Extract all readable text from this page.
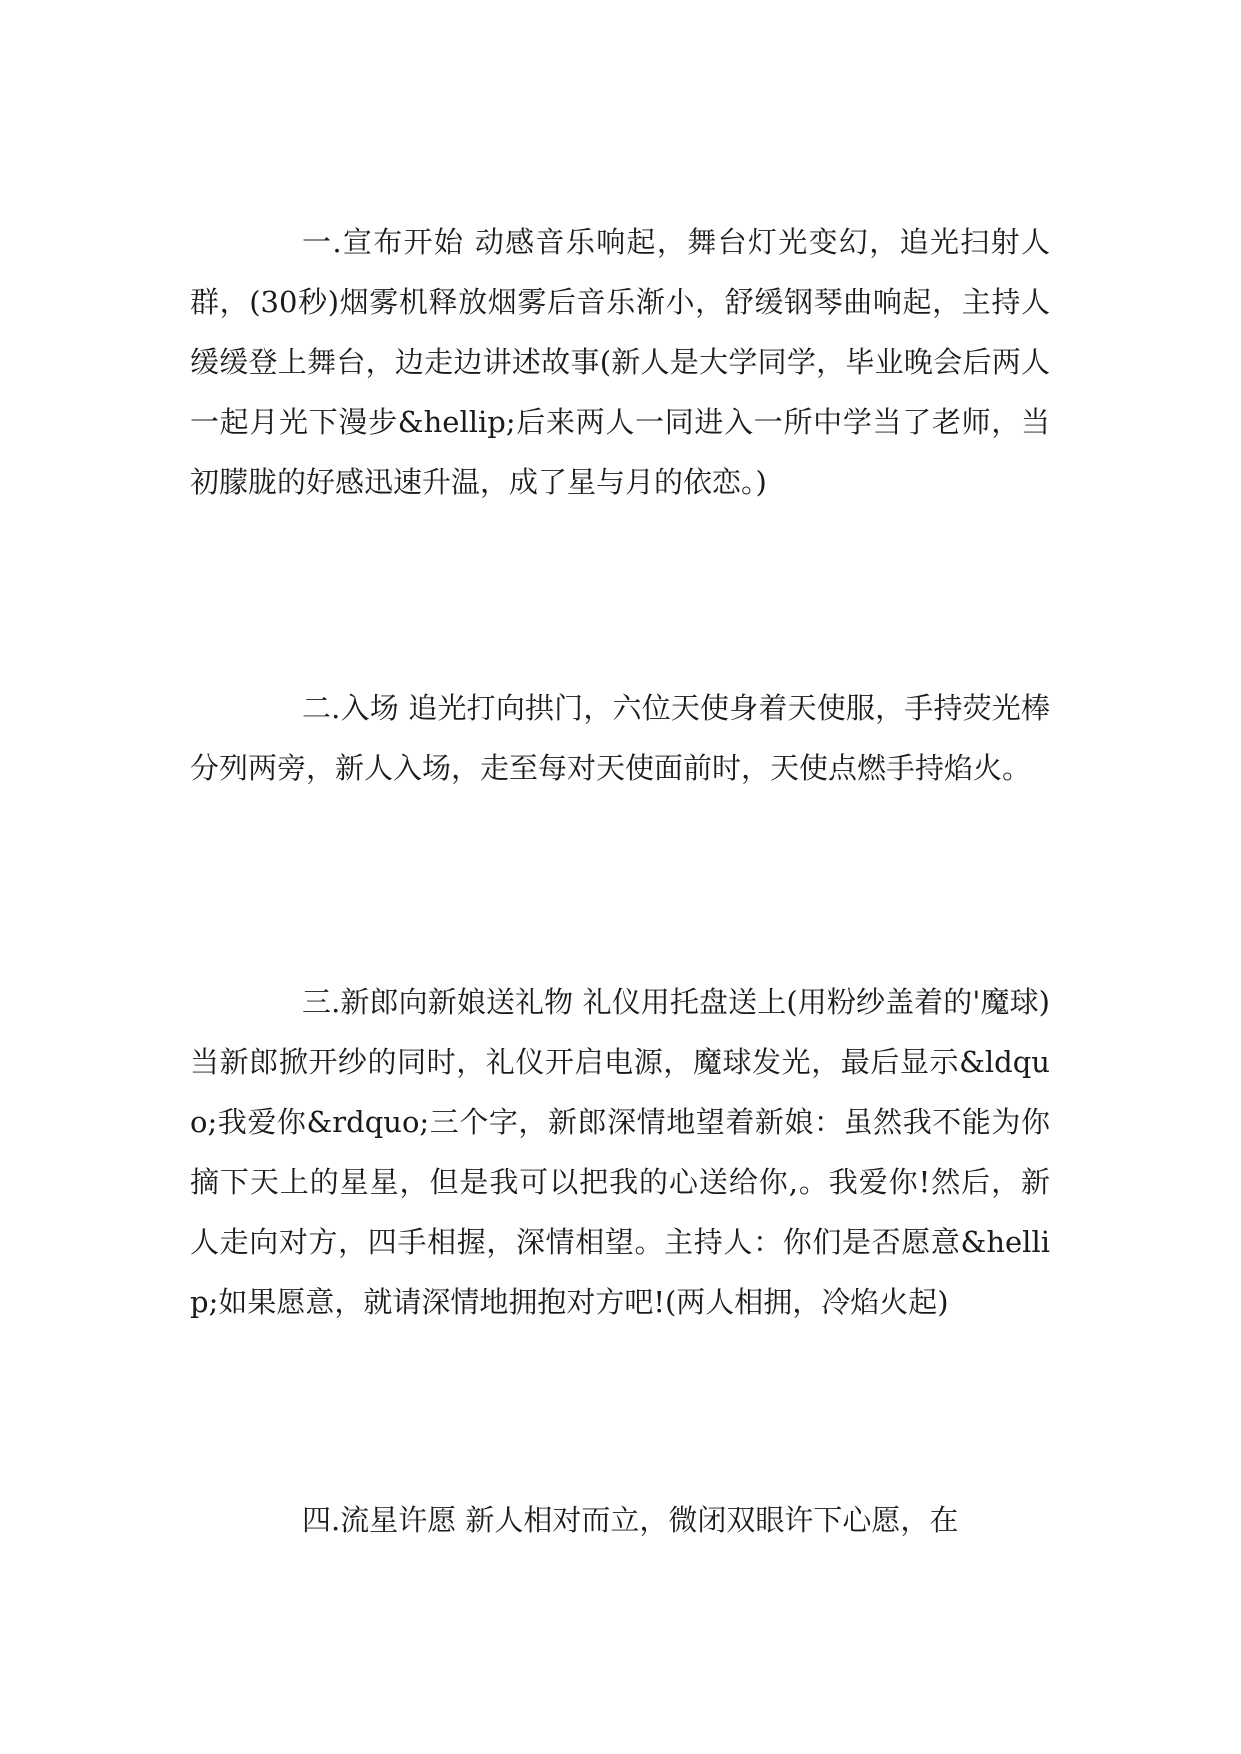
一.宣布开始 动感音乐响起，舞台灯光变幻，追光扫射人群，(30秒)烟雾机释放烟雾后音乐渐小，舒缓钢琴曲响起，主持人缓缓登上舞台，边走边讲述故事(新人是大学同学，毕业晚会后两人一起月光下漫步&hellip;后来两人一同进入一所中学当了老师，当初朦胧的好感迅速升温，成了星与月的依恋。)

二.入场 追光打向拱门，六位天使身着天使服，手持荧光棒分列两旁，新人入场，走至每对天使面前时，天使点燃手持焰火。

三.新郎向新娘送礼物 礼仪用托盘送上(用粉纱盖着的'魔球)当新郎掀开纱的同时，礼仪开启电源，魔球发光，最后显示&ldquo;我爱你&rdquo;三个字，新郎深情地望着新娘：虽然我不能为你摘下天上的星星，但是我可以把我的心送给你,。我爱你!然后，新人走向对方，四手相握，深情相望。主持人：你们是否愿意&hellip;如果愿意，就请深情地拥抱对方吧!(两人相拥，冷焰火起)

四.流星许愿 新人相对而立，微闭双眼许下心愿，在
